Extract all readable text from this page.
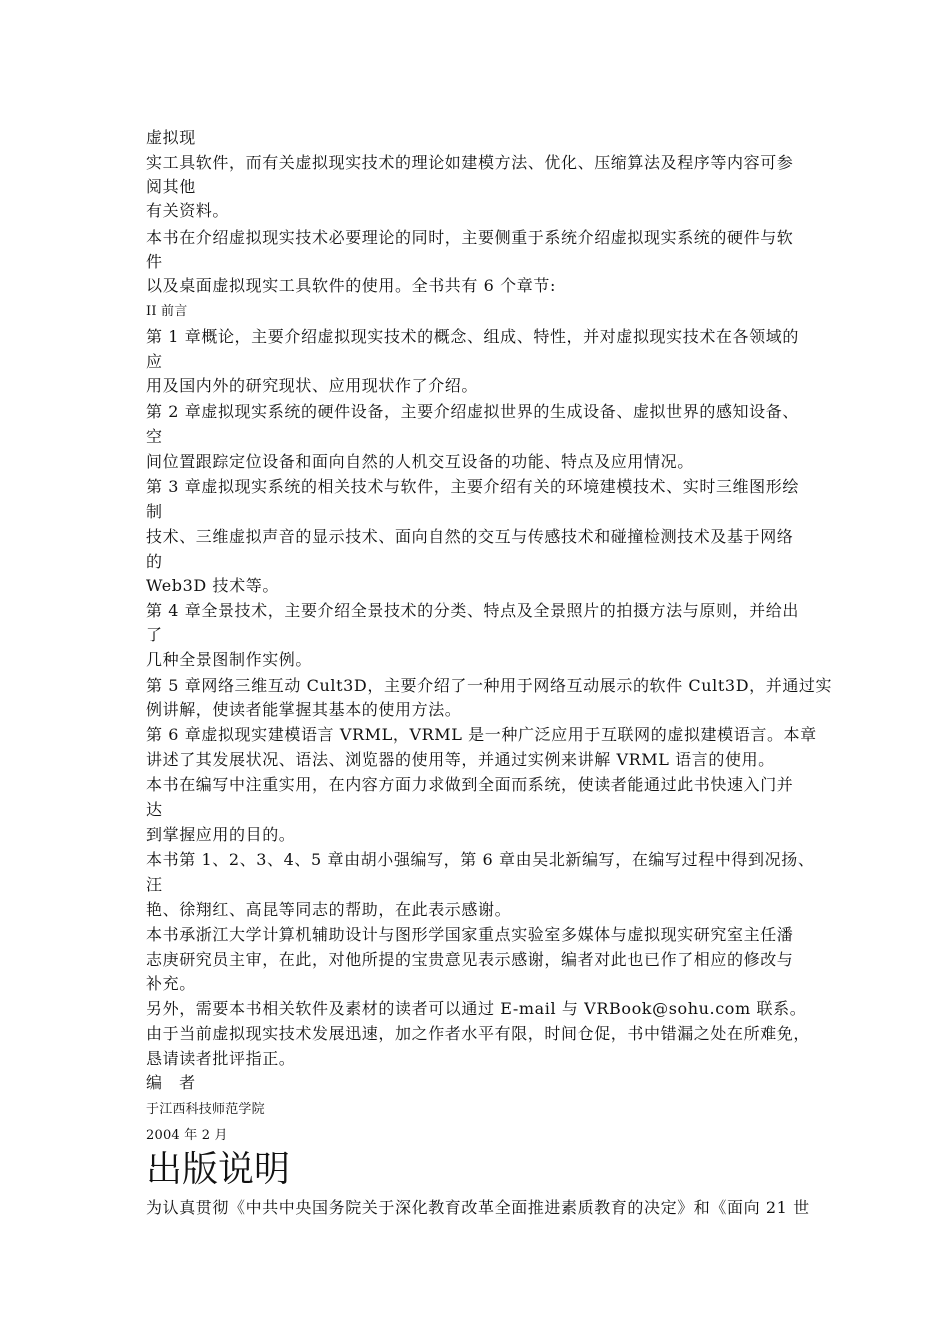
虚拟现
实工具软件，而有关虚拟现实技术的理论如建模方法、优化、压缩算法及程序等内容可参
阅其他
有关资料。
本书在介绍虚拟现实技术必要理论的同时，主要侧重于系统介绍虚拟现实系统的硬件与软
件
以及桌面虚拟现实工具软件的使用。全书共有 6 个章节:
II 前言
第 1 章概论，主要介绍虚拟现实技术的概念、组成、特性，并对虚拟现实技术在各领域的
应
用及国内外的研究现状、应用现状作了介绍。
第 2 章虚拟现实系统的硬件设备，主要介绍虚拟世界的生成设备、虚拟世界的感知设备、
空
间位置跟踪定位设备和面向自然的人机交互设备的功能、特点及应用情况。
第 3 章虚拟现实系统的相关技术与软件，主要介绍有关的环境建模技术、实时三维图形绘
制
技术、三维虚拟声音的显示技术、面向自然的交互与传感技术和碰撞检测技术及基于网络
的
Web3D 技术等。
第 4 章全景技术，主要介绍全景技术的分类、特点及全景照片的拍摄方法与原则，并给出
了
几种全景图制作实例。
第 5 章网络三维互动 Cult3D，主要介绍了一种用于网络互动展示的软件 Cult3D，并通过实
例讲解，使读者能掌握其基本的使用方法。
第 6 章虚拟现实建模语言 VRML，VRML 是一种广泛应用于互联网的虚拟建模语言。本章
讲述了其发展状况、语法、浏览器的使用等，并通过实例来讲解 VRML 语言的使用。
本书在编写中注重实用，在内容方面力求做到全面而系统，使读者能通过此书快速入门并
达
到掌握应用的目的。
本书第 1、2、3、4、5 章由胡小强编写，第 6 章由吴北新编写，在编写过程中得到况扬、
汪
艳、徐翔红、高昆等同志的帮助，在此表示感谢。
本书承浙江大学计算机辅助设计与图形学国家重点实验室多媒体与虚拟现实研究室主任潘
志庚研究员主审，在此，对他所提的宝贵意见表示感谢，编者对此也已作了相应的修改与
补充。
另外，需要本书相关软件及素材的读者可以通过 E-mail 与 VRBook@sohu.com 联系。
由于当前虚拟现实技术发展迅速，加之作者水平有限，时间仓促，书中错漏之处在所难免，
恳请读者批评指正。
编 者
于江西科技师范学院
2004 年 2 月
出版说明
为认真贯彻《中共中央国务院关于深化教育改革全面推进素质教育的决定》和《面向 21 世
